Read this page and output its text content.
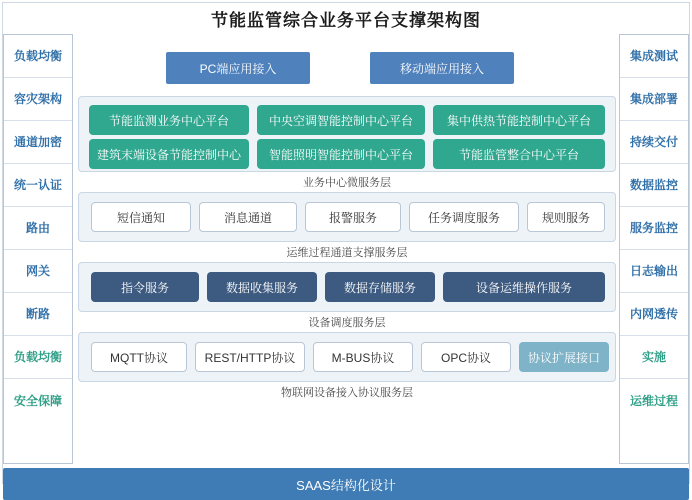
节能监管综合业务平台支撑架构图
负载均衡
容灾架构
通道加密
统一认证
路由
网关
断路
负载均衡
安全保障
集成测试
集成部署
持续交付
数据监控
服务监控
日志输出
内网透传
实施
运维过程
PC端应用接入	移动端应用接入
节能监测业务中心平台	中央空调智能控制中心平台	集中供热节能控制中心平台
建筑末端设备节能控制中心	智能照明智能控制中心平台	节能监管整合中心平台
业务中心微服务层
短信通知	消息通道	报警服务	任务调度服务	规则服务
运维过程通道支撑服务层
指令服务	数据收集服务	数据存储服务	设备运维操作服务
设备调度服务层
MQTT协议	REST/HTTP协议	M-BUS协议	OPC协议	协议扩展接口
物联网设备接入协议服务层
SAAS结构化设计
